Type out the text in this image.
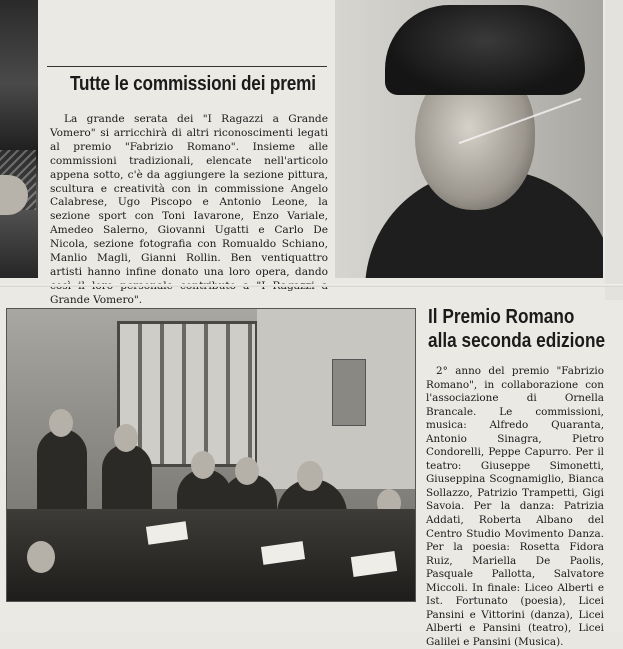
Tutte le commissioni dei premi
La grande serata dei "I Ragazzi a Grande Vomero" si arricchirà di altri riconoscimenti legati al premio "Fabrizio Romano". Insieme alle commissioni tradizionali, elencate nell'articolo appena sotto, c'è da aggiungere la sezione pittura, scultura e creatività con in commissione Angelo Calabrese, Ugo Piscopo e Antonio Leone, la sezione sport con Toni Iavarone, Enzo Variale, Amedeo Salerno, Giovanni Ugatti e Carlo De Nicola, sezione fotografia con Romualdo Schiano, Manlio Magli, Gianni Rollin. Ben ventiquattro artisti hanno infine donato una loro opera, dando Grande Vomero".
Il Premio Romano
alla seconda edizione
2° anno del premio "Fabrizio Romano", in collaborazione con l'associazione di Ornella Brancale. Le commissioni, musica: Alfredo Quaranta, Antonio Sinagra, Pietro Condorelli, Peppe Capurro. Per il teatro: Giuseppe Simonetti, Giuseppina Scognamiglio, Bianca Sollazzo, Patrizio Trampetti, Gigi Savoia. Per la danza: Patrizia Addati, Roberta Albano del Centro Studio Movimento Danza. Per la poesia: Rosetta Fidora Ruiz, Mariella De Paolis, Pasquale Pallotta, Salvatore Miccoli. In finale: Liceo Alberti e Ist. Fortunato (poesia), Licei Pansini e Vittorini (danza), Licei Alberti e Pansini (teatro), Licei Galilei e Pansini (Musica).
